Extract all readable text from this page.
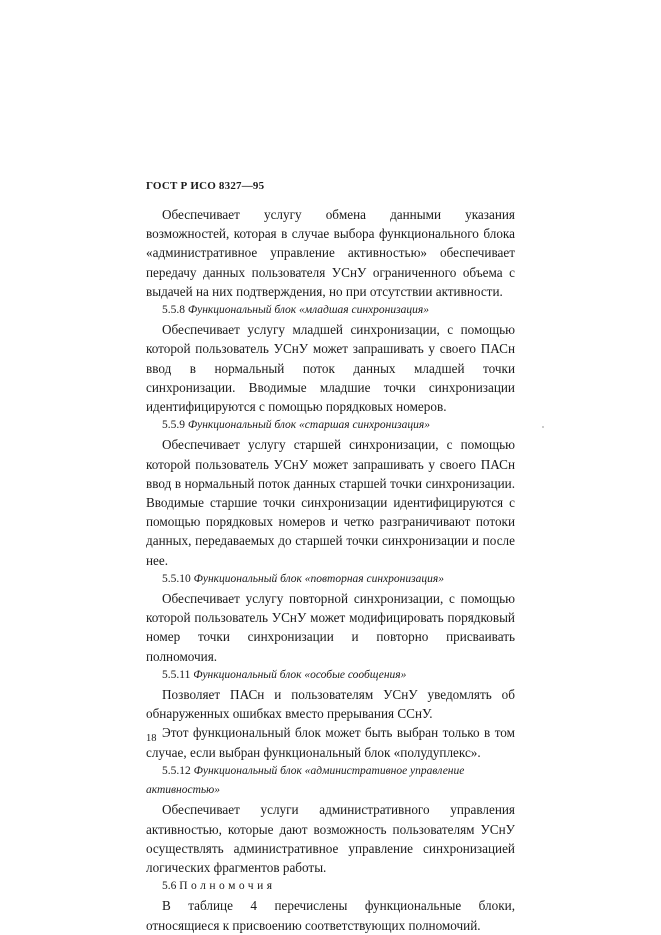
ГОСТ Р ИСО 8327—95

Обеспечивает услугу обмена данными указания возможностей, которая в случае выбора функционального блока «административное управление активностью» обеспечивает передачу данных пользователя УСнУ ограниченного объема с выдачей на них подтверждения, но при отсутствии активности.

5.5.8 Функциональный блок «младшая синхронизация»

Обеспечивает услугу младшей синхронизации, с помощью которой пользователь УСнУ может запрашивать у своего ПАСн ввод в нормальный поток данных младшей точки синхронизации. Вводимые младшие точки синхронизации идентифицируются с помощью порядковых номеров.

5.5.9 Функциональный блок «старшая синхронизация»

Обеспечивает услугу старшей синхронизации, с помощью которой пользователь УСнУ может запрашивать у своего ПАСн ввод в нормальный поток данных старшей точки синхронизации. Вводимые старшие точки синхронизации идентифицируются с помощью порядковых номеров и четко разграничивают потоки данных, передаваемых до старшей точки синхронизации и после нее.

5.5.10 Функциональный блок «повторная синхронизация»

Обеспечивает услугу повторной синхронизации, с помощью которой пользователь УСнУ может модифицировать порядковый номер точки синхронизации и повторно присваивать полномочия.

5.5.11 Функциональный блок «особые сообщения»

Позволяет ПАСн и пользователям УСнУ уведомлять об обнаруженных ошибках вместо прерывания ССнУ.

Этот функциональный блок может быть выбран только в том случае, если выбран функциональный блок «полудуплекс».

5.5.12 Функциональный блок «административное управление активностью»

Обеспечивает услуги административного управления активностью, которые дают возможность пользователям УСнУ осуществлять административное управление синхронизацией логических фрагментов работы.

5.6 Полномочия

В таблице 4 перечислены функциональные блоки, относящиеся к присвоению соответствующих полномочий.

18
